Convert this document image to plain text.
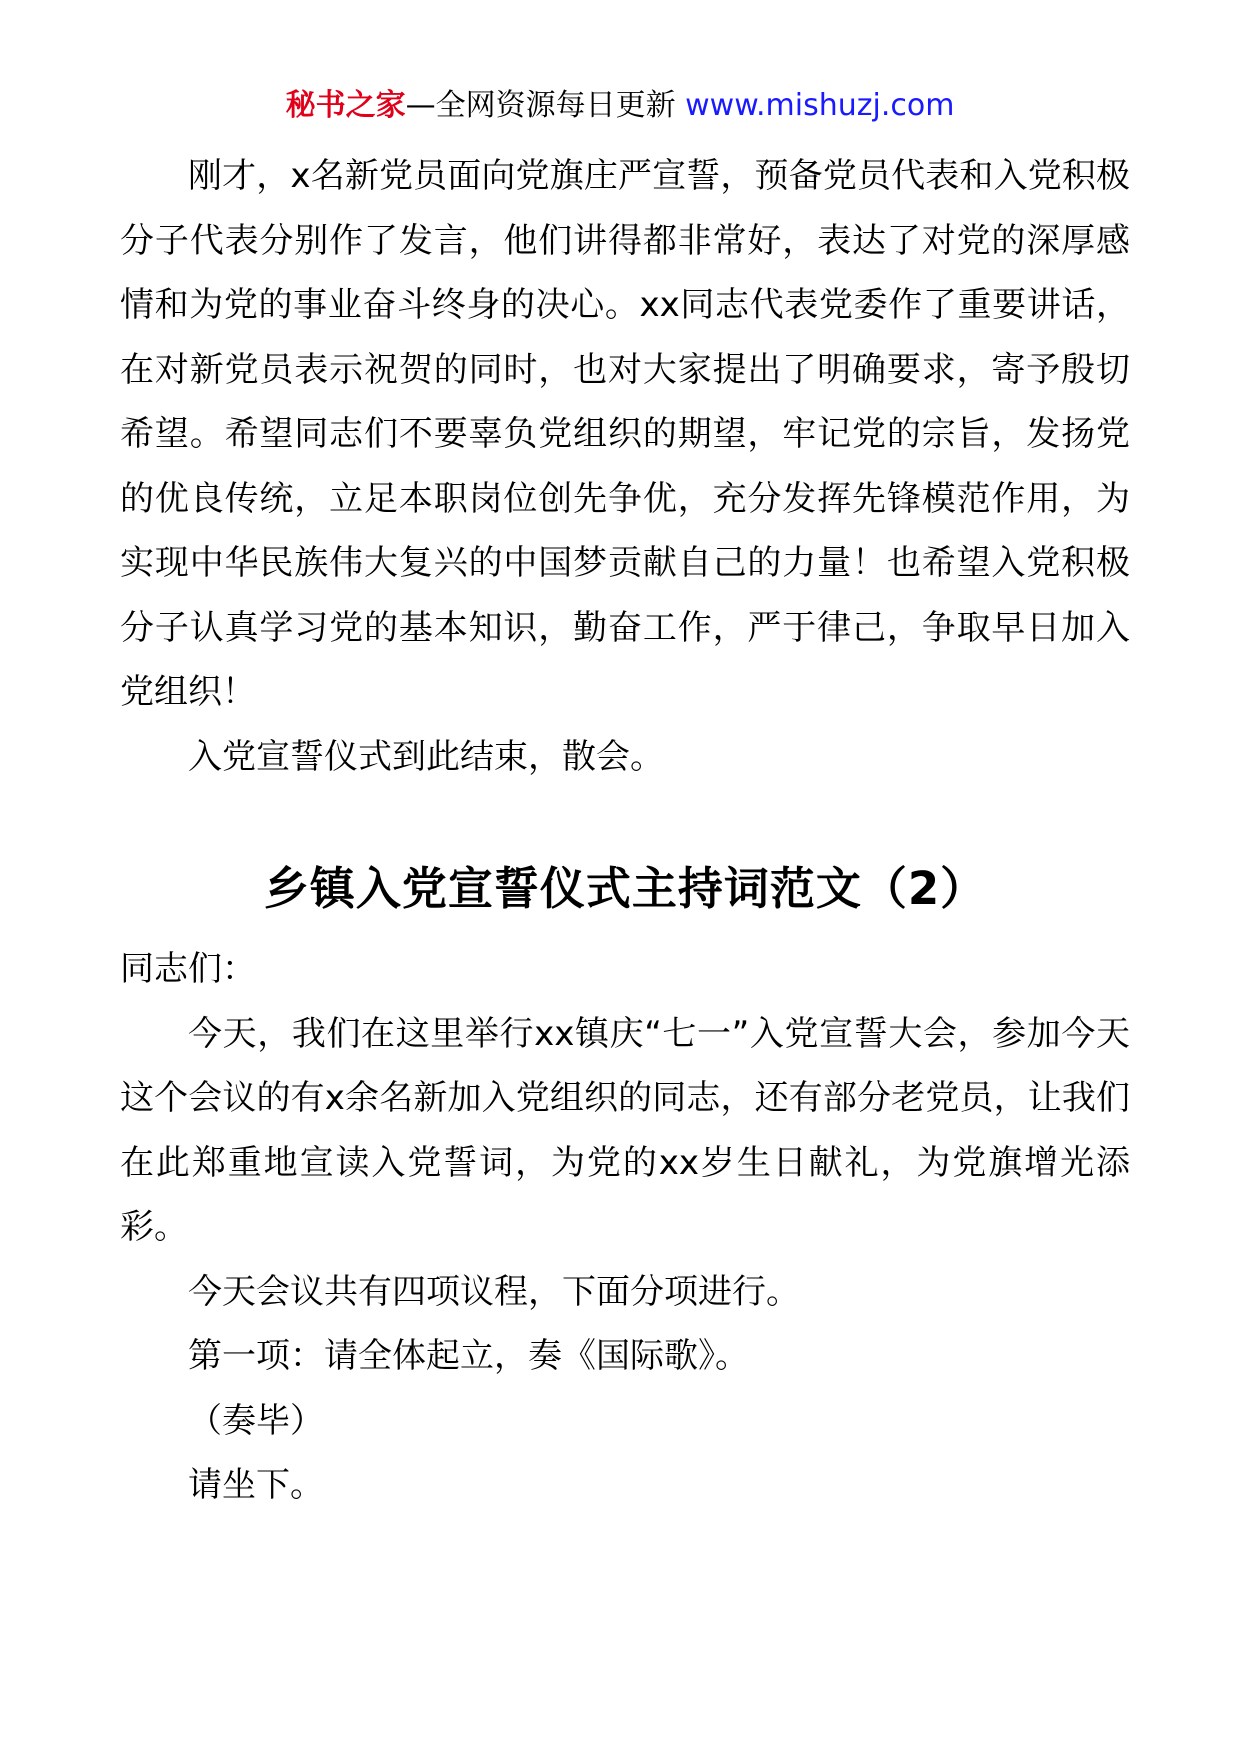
秘书之家—全网资源每日更新 www.mishuzj.com

刚才，x名新党员面向党旗庄严宣誓，预备党员代表和入党积极分子代表分别作了发言，他们讲得都非常好，表达了对党的深厚感情和为党的事业奋斗终身的决心。xx同志代表党委作了重要讲话，在对新党员表示祝贺的同时，也对大家提出了明确要求，寄予殷切希望。希望同志们不要辜负党组织的期望，牢记党的宗旨，发扬党的优良传统，立足本职岗位创先争优，充分发挥先锋模范作用，为实现中华民族伟大复兴的中国梦贡献自己的力量！也希望入党积极分子认真学习党的基本知识，勤奋工作，严于律己，争取早日加入党组织！

入党宣誓仪式到此结束，散会。

乡镇入党宣誓仪式主持词范文（2）

同志们：

今天，我们在这里举行xx镇庆“七一”入党宣誓大会，参加今天这个会议的有x余名新加入党组织的同志，还有部分老党员，让我们在此郑重地宣读入党誓词，为党的xx岁生日献礼，为党旗增光添彩。

今天会议共有四项议程，下面分项进行。

第一项：请全体起立，奏《国际歌》。

（奏毕）

请坐下。
